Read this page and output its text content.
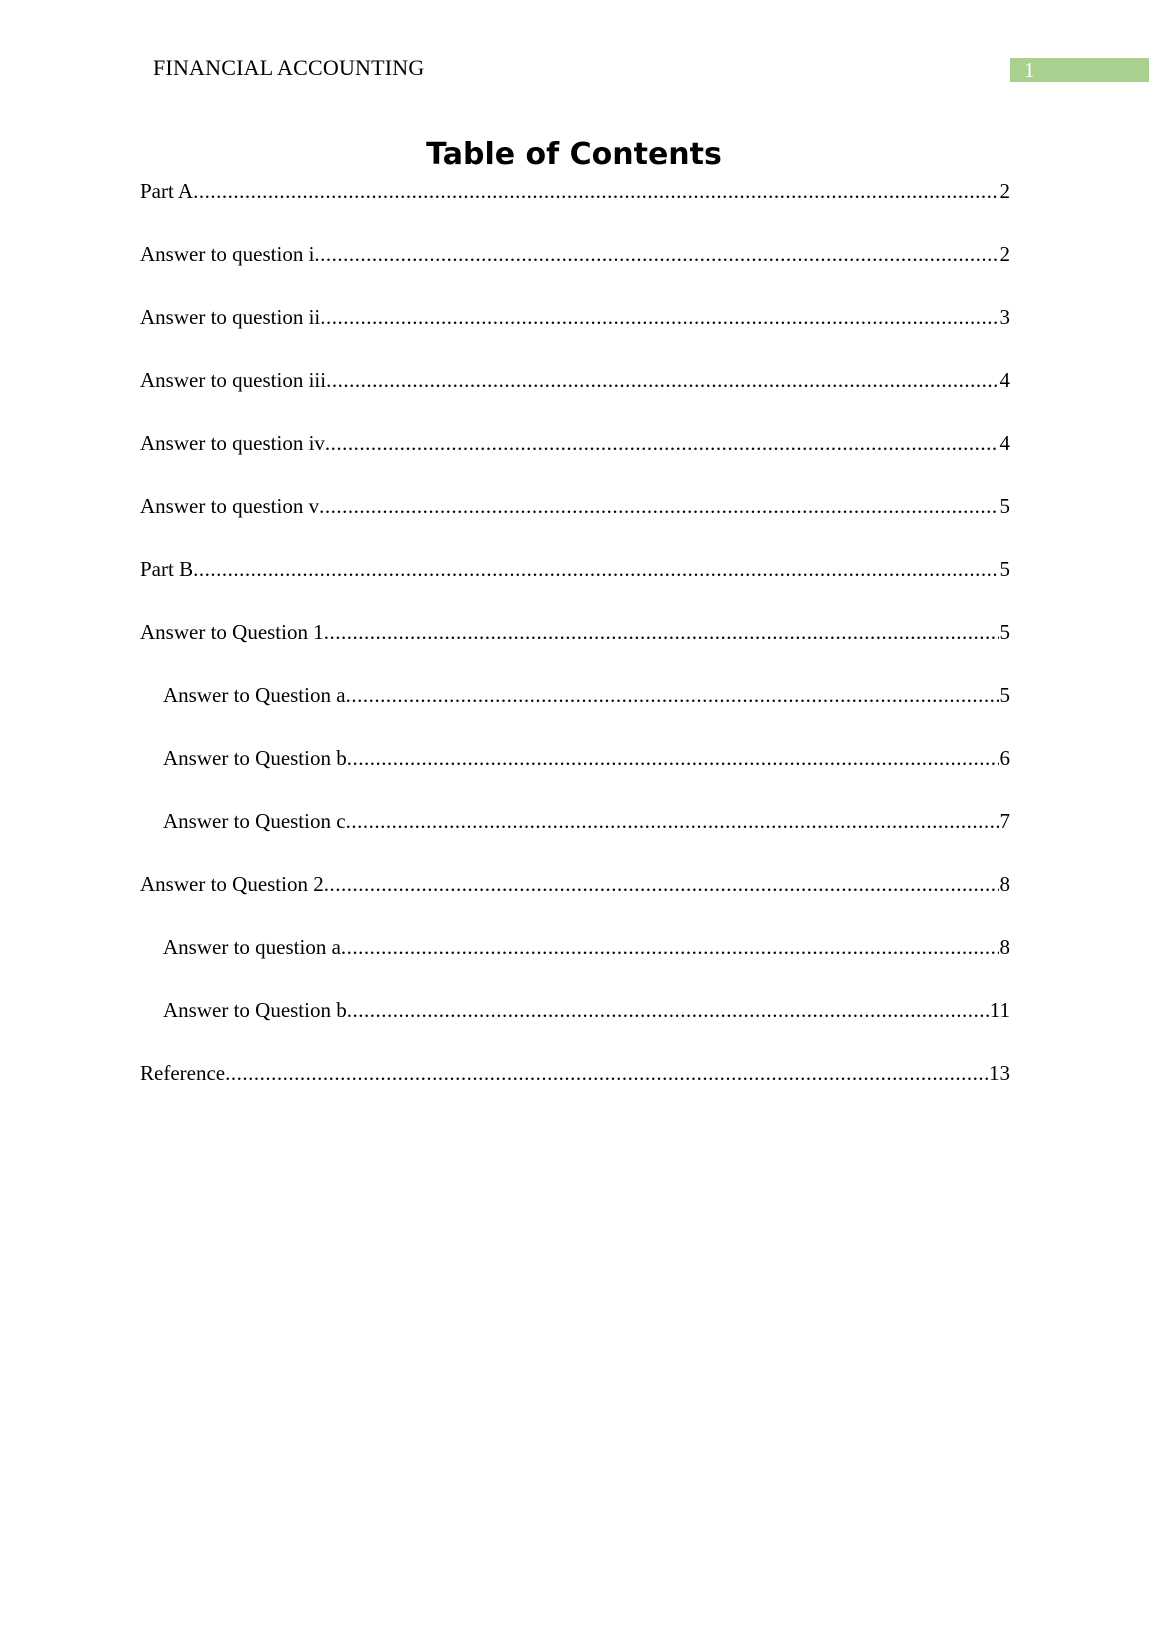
FINANCIAL ACCOUNTING	1
Table of Contents
Part A .....	2
Answer to question i .....	2
Answer to question ii .....	3
Answer to question iii .....	4
Answer to question iv .....	4
Answer to question v .....	5
Part B .....	5
Answer to Question 1 .....	5
Answer to Question a .....	5
Answer to Question b .....	6
Answer to Question c .....	7
Answer to Question 2 .....	8
Answer to question a .....	8
Answer to Question b .....	11
Reference .....	13
